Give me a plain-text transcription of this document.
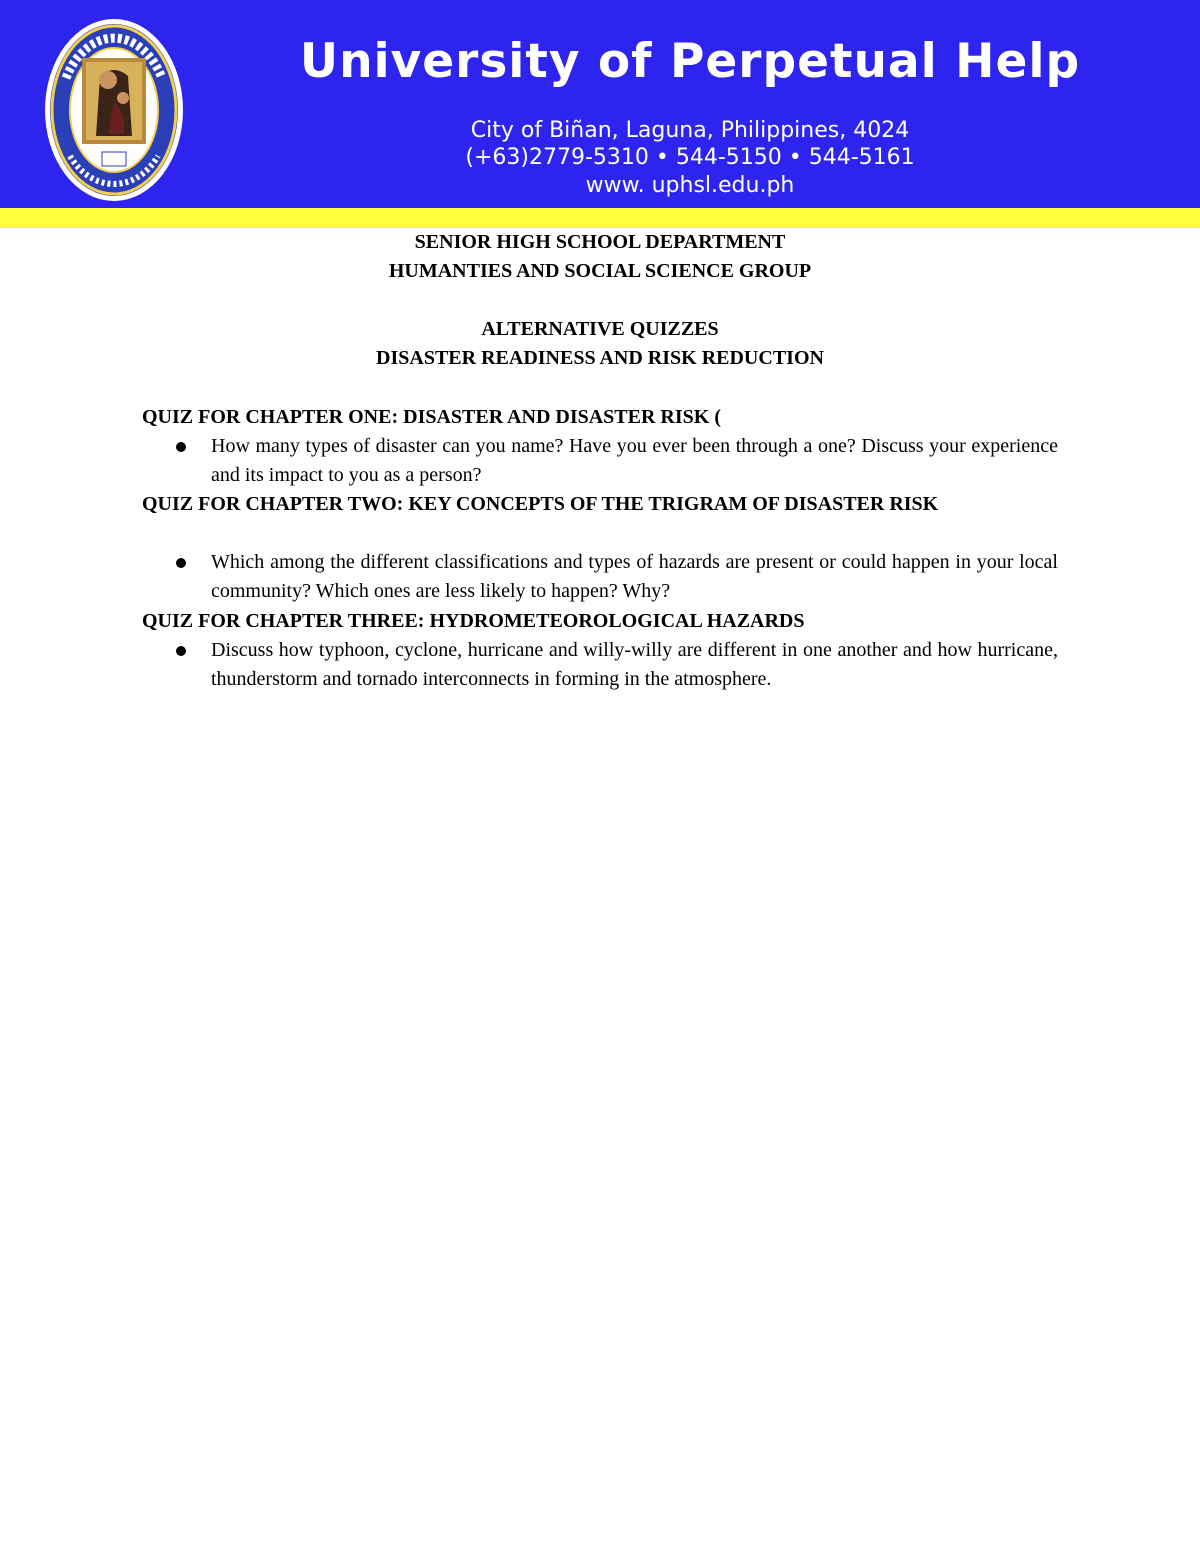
University of Perpetual Help
City of Biñan, Laguna, Philippines, 4024
(+63)2779-5310 • 544-5150 • 544-5161
www. uphsl.edu.ph
SENIOR HIGH SCHOOL DEPARTMENT
HUMANTIES AND SOCIAL SCIENCE GROUP
ALTERNATIVE QUIZZES
DISASTER READINESS AND RISK REDUCTION
QUIZ FOR CHAPTER ONE: DISASTER AND DISASTER RISK (
How many types of disaster can you name? Have you ever been through a one? Discuss your experience and its impact to you as a person?
QUIZ FOR CHAPTER TWO: KEY CONCEPTS OF THE TRIGRAM OF DISASTER RISK
Which among the different classifications and types of hazards are present or could happen in your local community? Which ones are less likely to happen? Why?
QUIZ FOR CHAPTER THREE: HYDROMETEOROLOGICAL HAZARDS
Discuss how typhoon, cyclone, hurricane and willy-willy are different in one another and how hurricane, thunderstorm and tornado interconnects in forming in the atmosphere.
